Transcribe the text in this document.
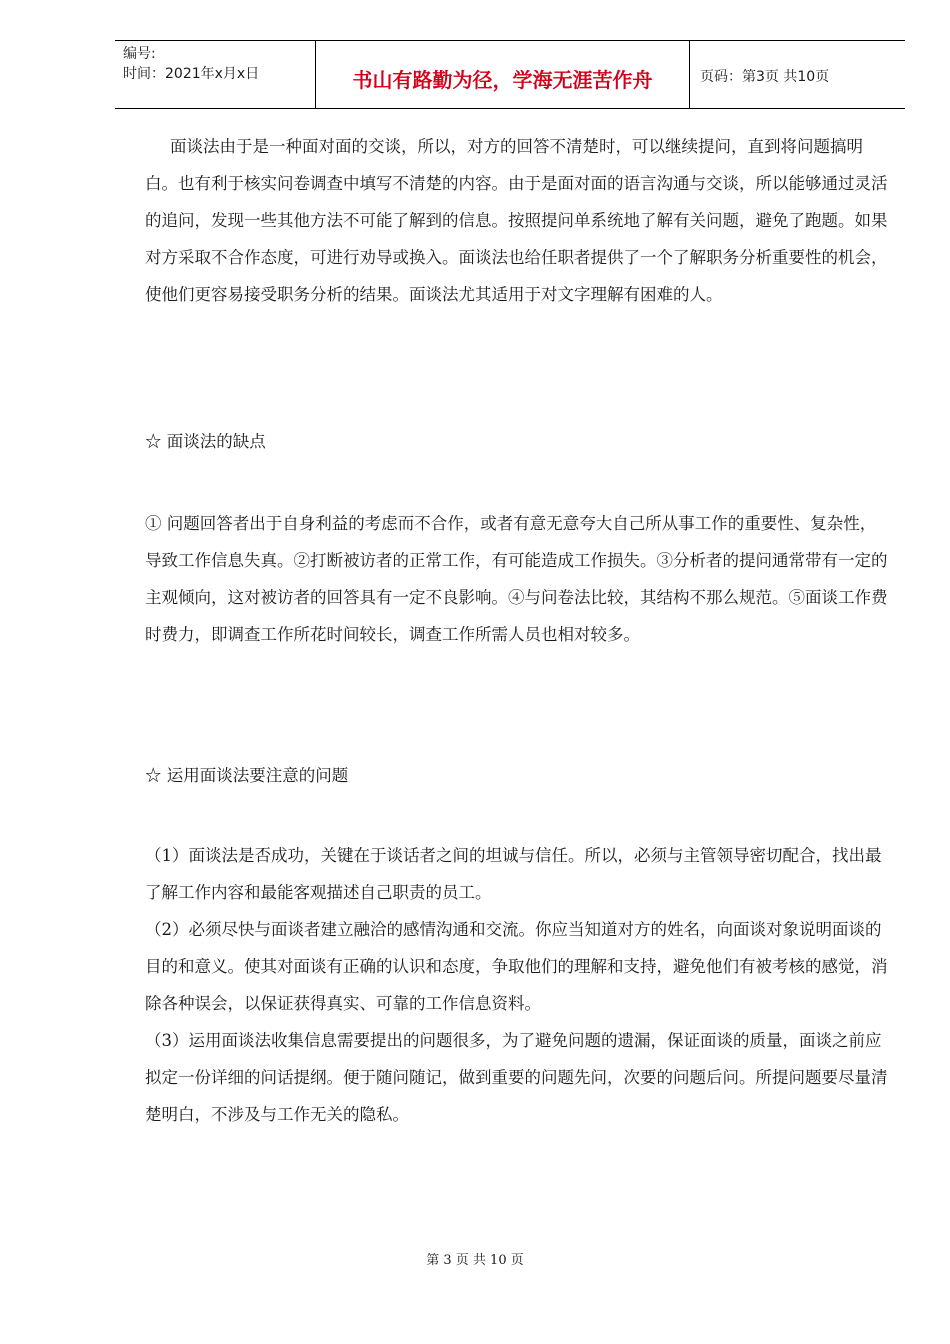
编号:
时间：2021年x月x日	书山有路勤为径，学海无涯苦作舟	页码：第3页 共10页

面谈法由于是一种面对面的交谈，所以，对方的回答不清楚时，可以继续提问，直到将问题搞明白。也有利于核实问卷调查中填写不清楚的内容。由于是面对面的语言沟通与交谈，所以能够通过灵活的追问，发现一些其他方法不可能了解到的信息。按照提问单系统地了解有关问题，避免了跑题。如果对方采取不合作态度，可进行劝导或换入。面谈法也给任职者提供了一个了解职务分析重要性的机会，使他们更容易接受职务分析的结果。面谈法尤其适用于对文字理解有困难的人。

☆ 面谈法的缺点

① 问题回答者出于自身利益的考虑而不合作，或者有意无意夸大自己所从事工作的重要性、复杂性，导致工作信息失真。②打断被访者的正常工作，有可能造成工作损失。③分析者的提问通常带有一定的主观倾向，这对被访者的回答具有一定不良影响。④与问卷法比较，其结构不那么规范。⑤面谈工作费时费力，即调查工作所花时间较长，调查工作所需人员也相对较多。

☆ 运用面谈法要注意的问题

（1）面谈法是否成功，关键在于谈话者之间的坦诚与信任。所以，必须与主管领导密切配合，找出最了解工作内容和最能客观描述自己职责的员工。

（2）必须尽快与面谈者建立融洽的感情沟通和交流。你应当知道对方的姓名，向面谈对象说明面谈的目的和意义。使其对面谈有正确的认识和态度，争取他们的理解和支持，避免他们有被考核的感觉，消除各种误会，以保证获得真实、可靠的工作信息资料。

（3）运用面谈法收集信息需要提出的问题很多，为了避免问题的遗漏，保证面谈的质量，面谈之前应拟定一份详细的问话提纲。便于随问随记，做到重要的问题先问，次要的问题后问。所提问题要尽量清楚明白，不涉及与工作无关的隐私。

第 3 页 共 10 页
